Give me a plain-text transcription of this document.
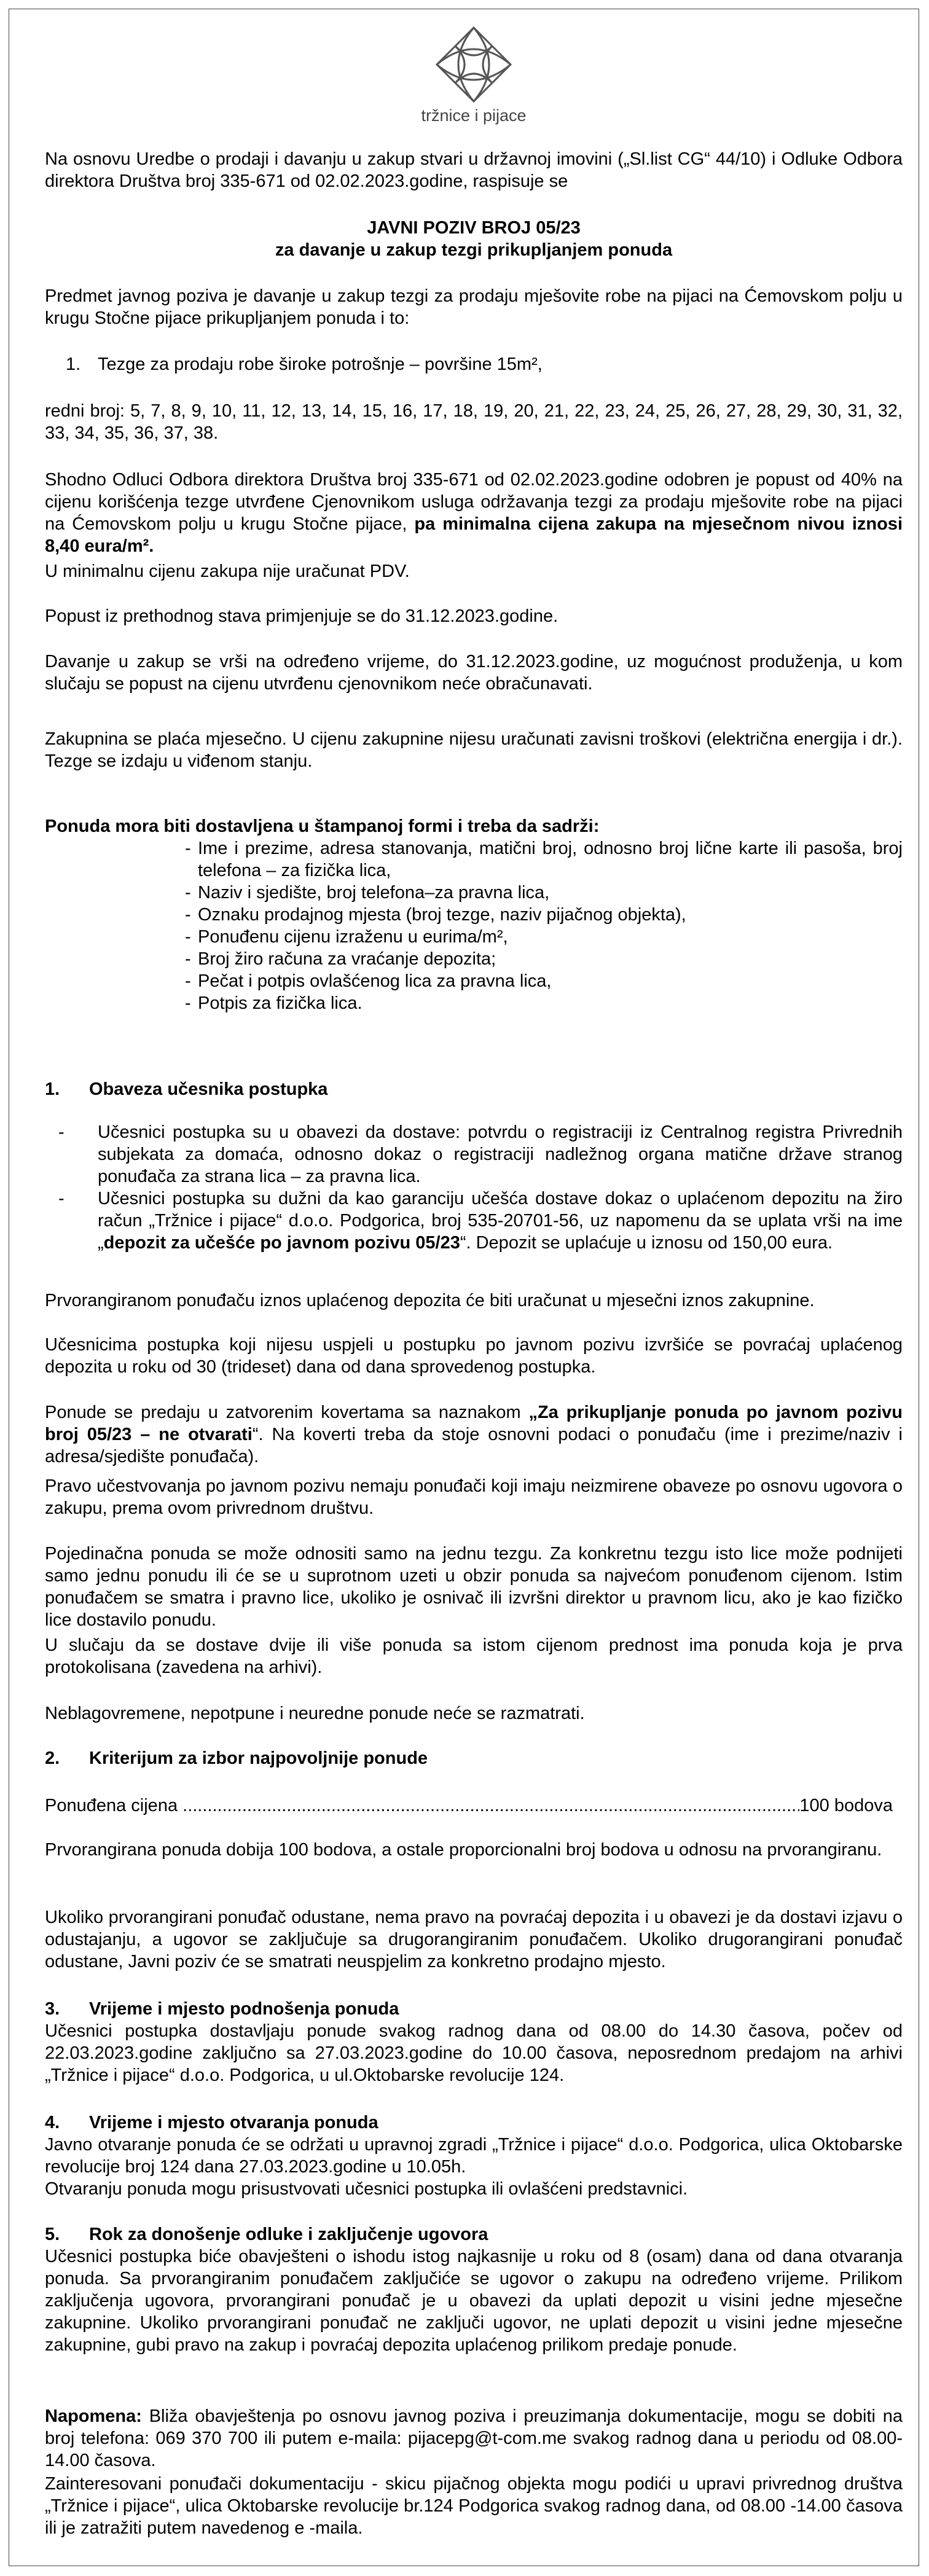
tržnice i pijace

Na osnovu Uredbe o prodaji i davanju u zakup stvari u državnoj imovini („Sl.list CG“ 44/10) i Odluke Odbora direktora Društva broj 335-671 od 02.02.2023.godine, raspisuje se

JAVNI POZIV BROJ 05/23

za davanje u zakup tezgi prikupljanjem ponuda

Predmet javnog poziva je davanje u zakup tezgi za prodaju mješovite robe na pijaci na Ćemovskom polju u krugu Stočne pijace prikupljanjem ponuda i to:

1. Tezge za prodaju robe široke potrošnje – površine 15m²,

redni broj: 5, 7, 8, 9, 10, 11, 12, 13, 14, 15, 16, 17, 18, 19, 20, 21, 22, 23, 24, 25, 26, 27, 28, 29, 30, 31, 32, 33, 34, 35, 36, 37, 38.

Shodno Odluci Odbora direktora Društva broj 335-671 od 02.02.2023.godine odobren je popust od 40% na cijenu korišćenja tezge utvrđene Cjenovnikom usluga održavanja tezgi za prodaju mješovite robe na pijaci na Ćemovskom polju u krugu Stočne pijace, pa minimalna cijena zakupa na mjesečnom nivou iznosi 8,40 eura/m².

U minimalnu cijenu zakupa nije uračunat PDV.

Popust iz prethodnog stava primjenjuje se do 31.12.2023.godine.

Davanje u zakup se vrši na određeno vrijeme, do 31.12.2023.godine, uz mogućnost produženja, u kom slučaju se popust na cijenu utvrđenu cjenovnikom neće obračunavati.

Zakupnina se plaća mjesečno. U cijenu zakupnine nijesu uračunati zavisni troškovi (električna energija i dr.). Tezge se izdaju u viđenom stanju.

Ponuda mora biti dostavljena u štampanoj formi i treba da sadrži:

- Ime i prezime, adresa stanovanja, matični broj, odnosno broj lične karte ili pasoša, broj telefona – za fizička lica,
- Naziv i sjedište, broj telefona–za pravna lica,
- Oznaku prodajnog mjesta (broj tezge, naziv pijačnog objekta),
- Ponuđenu cijenu izraženu u eurima/m²,
- Broj žiro računa za vraćanje depozita;
- Pečat i potpis ovlašćenog lica za pravna lica,
- Potpis za fizička lica.
1. Obaveza učesnika postupka
- Učesnici postupka su u obavezi da dostave: potvrdu o registraciji iz Centralnog registra Privrednih subjekata za domaća, odnosno dokaz o registraciji nadležnog organa matične države stranog ponuđača za strana lica – za pravna lica.
- Učesnici postupka su dužni da kao garanciju učešća dostave dokaz o uplaćenom depozitu na žiro račun „Tržnice i pijace“ d.o.o. Podgorica, broj 535-20701-56, uz napomenu da se uplata vrši na ime „depozit za učešće po javnom pozivu 05/23“. Depozit se uplaćuje u iznosu od 150,00 eura.

Prvorangiranom ponuđaču iznos uplaćenog depozita će biti uračunat u mjesečni iznos zakupnine.

Učesnicima postupka koji nijesu uspjeli u postupku po javnom pozivu izvršiće se povraćaj uplaćenog depozita u roku od 30 (trideset) dana od dana sprovedenog postupka.

Ponude se predaju u zatvorenim kovertama sa naznakom „Za prikupljanje ponuda po javnom pozivu broj 05/23 – ne otvarati“. Na koverti treba da stoje osnovni podaci o ponuđaču (ime i prezime/naziv i adresa/sjedište ponuđača).

Pravo učestvovanja po javnom pozivu nemaju ponuđači koji imaju neizmirene obaveze po osnovu ugovora o zakupu, prema ovom privrednom društvu.

Pojedinačna ponuda se može odnositi samo na jednu tezgu. Za konkretnu tezgu isto lice može podnijeti samo jednu ponudu ili će se u suprotnom uzeti u obzir ponuda sa najvećom ponuđenom cijenom. Istim ponuđačem se smatra i pravno lice, ukoliko je osnivač ili izvršni direktor u pravnom licu, ako je kao fizičko lice dostavilo ponudu.

U slučaju da se dostave dvije ili više ponuda sa istom cijenom prednost ima ponuda koja je prva protokolisana (zavedena na arhivi).

Neblagovremene, nepotpune i neuredne ponude neće se razmatrati.

2. Kriterijum za izbor najpovoljnije ponude
Ponuđena cijena
.....	100 bodova

Prvorangirana ponuda dobija 100 bodova, a ostale proporcionalni broj bodova u odnosu na prvorangiranu.

Ukoliko prvorangirani ponuđač odustane, nema pravo na povraćaj depozita i u obavezi je da dostavi izjavu o odustajanju, a ugovor se zaključuje sa drugorangiranim ponuđačem. Ukoliko drugorangirani ponuđač odustane, Javni poziv će se smatrati neuspjelim za konkretno prodajno mjesto.

3. Vrijeme i mjesto podnošenja ponuda

Učesnici postupka dostavljaju ponude svakog radnog dana od 08.00 do 14.30 časova, počev od 22.03.2023.godine zaključno sa 27.03.2023.godine do 10.00 časova, neposrednom predajom na arhivi „Tržnice i pijace“ d.o.o. Podgorica, u ul.Oktobarske revolucije 124.

4. Vrijeme i mjesto otvaranja ponuda

Javno otvaranje ponuda će se održati u upravnoj zgradi „Tržnice i pijace“ d.o.o. Podgorica, ulica Oktobarske revolucije broj 124 dana 27.03.2023.godine u 10.05h.

Otvaranju ponuda mogu prisustvovati učesnici postupka ili ovlašćeni predstavnici.

5. Rok za donošenje odluke i zaključenje ugovora

Učesnici postupka biće obavješteni o ishodu istog najkasnije u roku od 8 (osam) dana od dana otvaranja ponuda. Sa prvorangiranim ponuđačem zaključiće se ugovor o zakupu na određeno vrijeme. Prilikom zaključenja ugovora, prvorangirani ponuđač je u obavezi da uplati depozit u visini jedne mjesečne zakupnine. Ukoliko prvorangirani ponuđač ne zaključi ugovor, ne uplati depozit u visini jedne mjesečne zakupnine, gubi pravo na zakup i povraćaj depozita uplaćenog prilikom predaje ponude.

Napomena: Bliža obavještenja po osnovu javnog poziva i preuzimanja dokumentacije, mogu se dobiti na broj telefona: 069 370 700 ili putem e-maila: pijacepg@t-com.me svakog radnog dana u periodu od 08.00-14.00 časova.

Zainteresovani ponuđači dokumentaciju - skicu pijačnog objekta mogu podići u upravi privrednog društva „Tržnice i pijace“, ulica Oktobarske revolucije br.124 Podgorica svakog radnog dana, od 08.00 -14.00 časova ili je zatražiti putem navedenog e -maila.
